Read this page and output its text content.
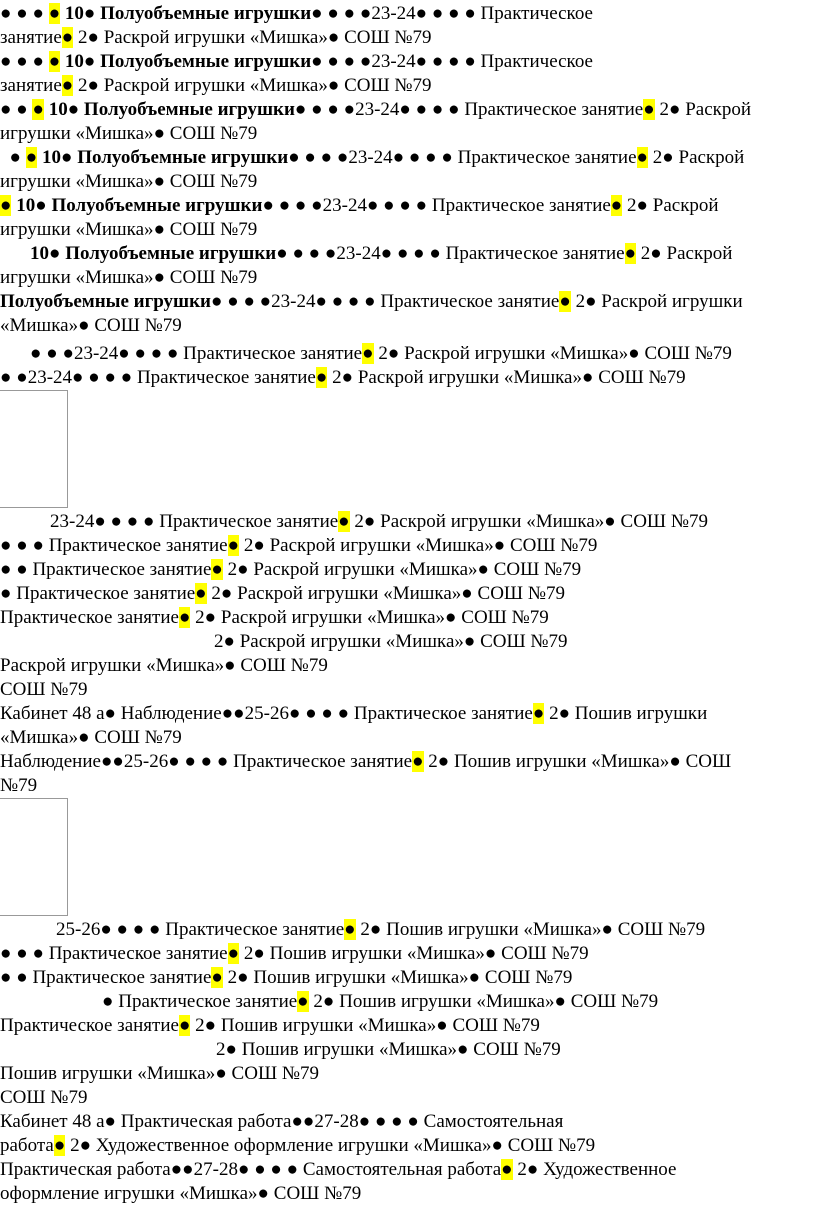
● ● ● ● 10● Полуобъемные игрушки● ● ● ●23-24● ● ● ● Практическое
занятие● 2● Раскрой игрушки «Мишка»● СОШ №79
● ● ● ● 10● Полуобъемные игрушки● ● ● ●23-24● ● ● ● Практическое
занятие● 2● Раскрой игрушки «Мишка»● СОШ №79
● ● ● 10● Полуобъемные игрушки● ● ● ●23-24● ● ● ● Практическое занятие● 2● Раскрой
игрушки «Мишка»● СОШ №79
● ● 10● Полуобъемные игрушки● ● ● ●23-24● ● ● ● Практическое занятие● 2● Раскрой
игрушки «Мишка»● СОШ №79
● 10● Полуобъемные игрушки● ● ● ●23-24● ● ● ● Практическое занятие● 2● Раскрой
игрушки «Мишка»● СОШ №79
10● Полуобъемные игрушки● ● ● ●23-24● ● ● ● Практическое занятие● 2● Раскрой
игрушки «Мишка»● СОШ №79
Полуобъемные игрушки● ● ● ●23-24● ● ● ● Практическое занятие● 2● Раскрой игрушки
«Мишка»● СОШ №79
● ● ●23-24● ● ● ● Практическое занятие● 2● Раскрой игрушки «Мишка»● СОШ №79
● ●23-24● ● ● ● Практическое занятие● 2● Раскрой игрушки «Мишка»● СОШ №79
23-24● ● ● ● Практическое занятие● 2● Раскрой игрушки «Мишка»● СОШ №79
● ● ● Практическое занятие● 2● Раскрой игрушки «Мишка»● СОШ №79
● ● Практическое занятие● 2● Раскрой игрушки «Мишка»● СОШ №79
● Практическое занятие● 2● Раскрой игрушки «Мишка»● СОШ №79
Практическое занятие● 2● Раскрой игрушки «Мишка»● СОШ №79
2● Раскрой игрушки «Мишка»● СОШ №79
Раскрой игрушки «Мишка»● СОШ №79
СОШ №79
Кабинет 48 а● Наблюдение●●25-26● ● ● ● Практическое занятие● 2● Пошив игрушки
«Мишка»● СОШ №79
Наблюдение●●25-26● ● ● ● Практическое занятие● 2● Пошив игрушки «Мишка»● СОШ
№79
25-26● ● ● ● Практическое занятие● 2● Пошив игрушки «Мишка»● СОШ №79
● ● ● Практическое занятие● 2● Пошив игрушки «Мишка»● СОШ №79
● ● Практическое занятие● 2● Пошив игрушки «Мишка»● СОШ №79
● Практическое занятие● 2● Пошив игрушки «Мишка»● СОШ №79
Практическое занятие● 2● Пошив игрушки «Мишка»● СОШ №79
2● Пошив игрушки «Мишка»● СОШ №79
Пошив игрушки «Мишка»● СОШ №79
СОШ №79
Кабинет 48 а● Практическая работа●●27-28● ● ● ● Самостоятельная
работа● 2● Художественное оформление игрушки «Мишка»● СОШ №79
Практическая работа●●27-28● ● ● ● Самостоятельная работа● 2● Художественное
оформление игрушки «Мишка»● СОШ №79
